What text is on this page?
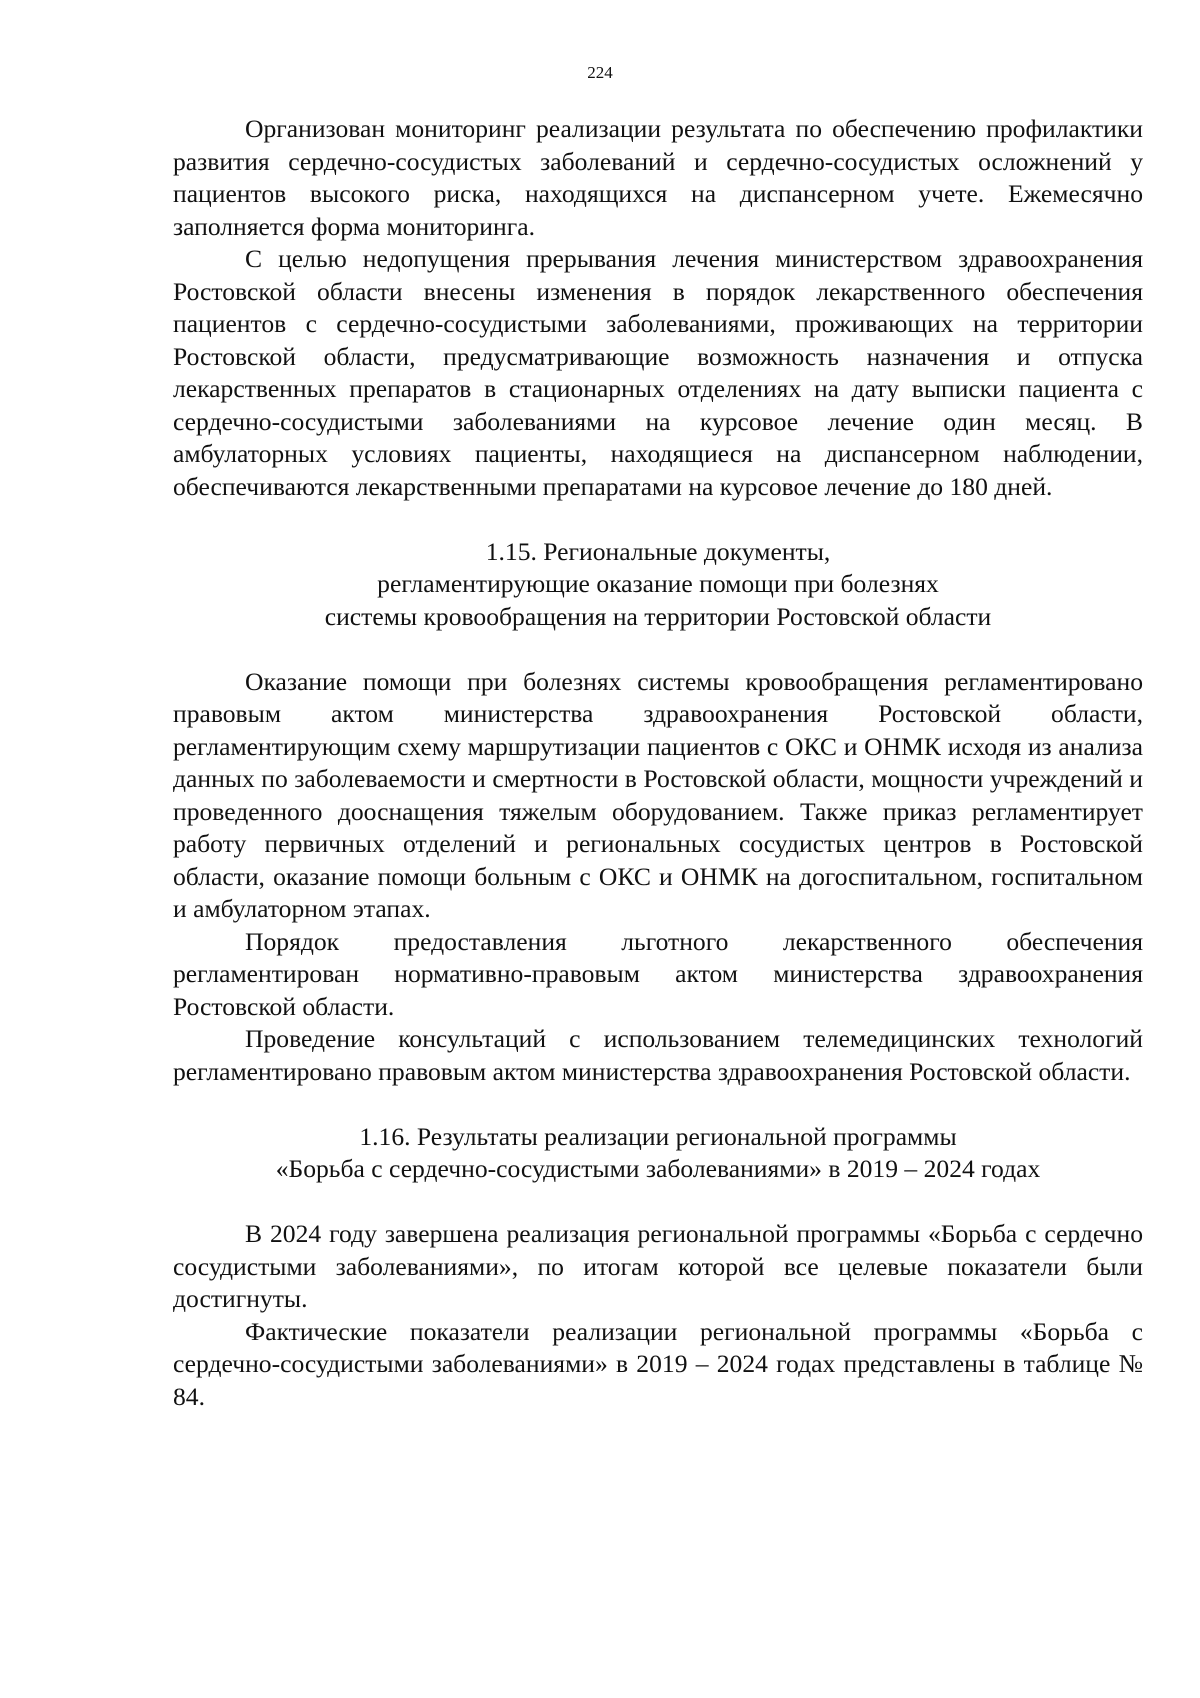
224

Организован мониторинг реализации результата по обеспечению профилактики развития сердечно-сосудистых заболеваний и сердечно-сосудистых осложнений у пациентов высокого риска, находящихся на диспансерном учете. Ежемесячно заполняется форма мониторинга.

С целью недопущения прерывания лечения министерством здравоохранения Ростовской области внесены изменения в порядок лекарственного обеспечения пациентов с сердечно-сосудистыми заболеваниями, проживающих на территории Ростовской области, предусматривающие возможность назначения и отпуска лекарственных препаратов в стационарных отделениях на дату выписки пациента с сердечно-сосудистыми заболеваниями на курсовое лечение один месяц. В амбулаторных условиях пациенты, находящиеся на диспансерном наблюдении, обеспечиваются лекарственными препаратами на курсовое лечение до 180 дней.

1.15. Региональные документы,
регламентирующие оказание помощи при болезнях
системы кровообращения на территории Ростовской области

Оказание помощи при болезнях системы кровообращения регламентировано правовым актом министерства здравоохранения Ростовской области, регламентирующим схему маршрутизации пациентов с ОКС и ОНМК исходя из анализа данных по заболеваемости и смертности в Ростовской области, мощности учреждений и проведенного дооснащения тяжелым оборудованием. Также приказ регламентирует работу первичных отделений и региональных сосудистых центров в Ростовской области, оказание помощи больным с ОКС и ОНМК на догоспитальном, госпитальном и амбулаторном этапах.

Порядок предоставления льготного лекарственного обеспечения регламентирован нормативно-правовым актом министерства здравоохранения Ростовской области.

Проведение консультаций с использованием телемедицинских технологий регламентировано правовым актом министерства здравоохранения Ростовской области.

1.16. Результаты реализации региональной программы
«Борьба с сердечно-сосудистыми заболеваниями» в 2019 – 2024 годах

В 2024 году завершена реализация региональной программы «Борьба с сердечно сосудистыми заболеваниями», по итогам которой все целевые показатели были достигнуты.

Фактические показатели реализации региональной программы «Борьба с сердечно-сосудистыми заболеваниями» в 2019 – 2024 годах представлены в таблице № 84.
